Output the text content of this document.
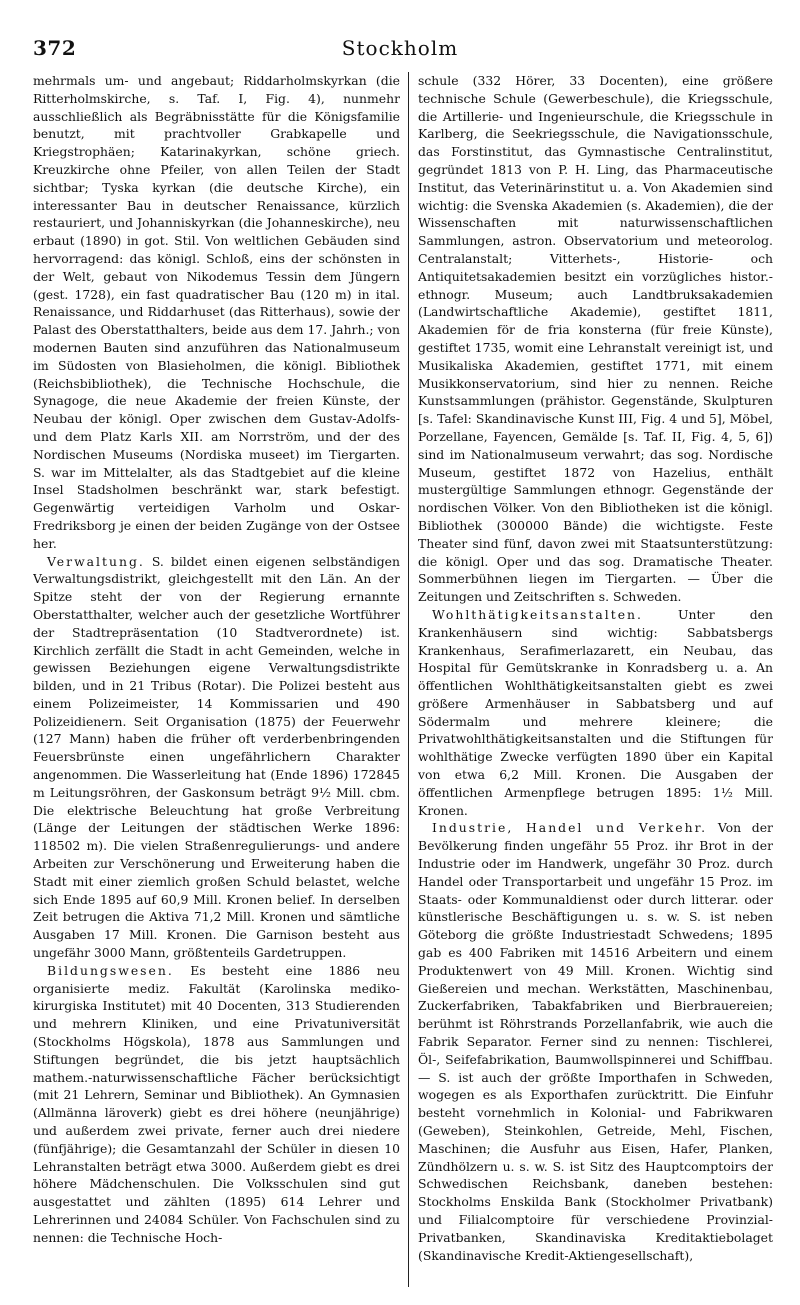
372	Stockholm

mehrmals um- und angebaut; Riddarholmskyrkan (die Ritterholmskirche, s. Taf. I, Fig. 4), nunmehr ausschließlich als Begräbnisstätte für die Königsfamilie benutzt, mit prachtvoller Grabkapelle und Kriegstrophäen; Katarinakyrkan, schöne griech. Kreuzkirche ohne Pfeiler, von allen Teilen der Stadt sichtbar; Tyska kyrkan (die deutsche Kirche), ein interessanter Bau in deutscher Renaissance, kürzlich restauriert, und Johanniskyrkan (die Johanneskirche), neu erbaut (1890) in got. Stil. Von weltlichen Gebäuden sind hervorragend: das königl. Schloß, eins der schönsten in der Welt, gebaut von Nikodemus Tessin dem Jüngern (gest. 1728), ein fast quadratischer Bau (120 m) in ital. Renaissance, und Riddarhuset (das Ritterhaus), sowie der Palast des Oberstatthalters, beide aus dem 17. Jahrh.; von modernen Bauten sind anzuführen das Nationalmuseum im Südosten von Blasieholmen, die königl. Bibliothek (Reichsbibliothek), die Technische Hochschule, die Synagoge, die neue Akademie der freien Künste, der Neubau der königl. Oper zwischen dem Gustav-Adolfs- und dem Platz Karls XII. am Norrström, und der des Nordischen Museums (Nordiska museet) im Tiergarten. S. war im Mittelalter, als das Stadtgebiet auf die kleine Insel Stadsholmen beschränkt war, stark befestigt. Gegenwärtig verteidigen Varholm und Oskar-Fredriksborg je einen der beiden Zugänge von der Ostsee her.

Verwaltung. S. bildet einen eigenen selbständigen Verwaltungsdistrikt, gleichgestellt mit den Län. An der Spitze steht der von der Regierung ernannte Oberstatthalter, welcher auch der gesetzliche Wortführer der Stadtrepräsentation (10 Stadtverordnete) ist. Kirchlich zerfällt die Stadt in acht Gemeinden, welche in gewissen Beziehungen eigene Verwaltungsdistrikte bilden, und in 21 Tribus (Rotar). Die Polizei besteht aus einem Polizeimeister, 14 Kommissarien und 490 Polizeidienern. Seit Organisation (1875) der Feuerwehr (127 Mann) haben die früher oft verderbenbringenden Feuersbrünste einen ungefährlichern Charakter angenommen. Die Wasserleitung hat (Ende 1896) 172845 m Leitungsröhren, der Gaskonsum beträgt 9½ Mill. cbm. Die elektrische Beleuchtung hat große Verbreitung (Länge der Leitungen der städtischen Werke 1896: 118502 m). Die vielen Straßenregulierungs- und andere Arbeiten zur Verschönerung und Erweiterung haben die Stadt mit einer ziemlich großen Schuld belastet, welche sich Ende 1895 auf 60,9 Mill. Kronen belief. In derselben Zeit betrugen die Aktiva 71,2 Mill. Kronen und sämtliche Ausgaben 17 Mill. Kronen. Die Garnison besteht aus ungefähr 3000 Mann, größtenteils Gardetruppen.

Bildungswesen. Es besteht eine 1886 neu organisierte mediz. Fakultät (Karolinska mediko-kirurgiska Institutet) mit 40 Docenten, 313 Studierenden und mehrern Kliniken, und eine Privatuniversität (Stockholms Högskola), 1878 aus Sammlungen und Stiftungen begründet, die bis jetzt hauptsächlich mathem.-naturwissenschaftliche Fächer berücksichtigt (mit 21 Lehrern, Seminar und Bibliothek). An Gymnasien (Allmänna läroverk) giebt es drei höhere (neunjährige) und außerdem zwei private, ferner auch drei niedere (fünfjährige); die Gesamtanzahl der Schüler in diesen 10 Lehranstalten beträgt etwa 3000. Außerdem giebt es drei höhere Mädchenschulen. Die Volksschulen sind gut ausgestattet und zählten (1895) 614 Lehrer und Lehrerinnen und 24084 Schüler. Von Fachschulen sind zu nennen: die Technische Hoch-

schule (332 Hörer, 33 Docenten), eine größere technische Schule (Gewerbeschule), die Kriegsschule, die Artillerie- und Ingenieurschule, die Kriegsschule in Karlberg, die Seekriegsschule, die Navigationsschule, das Forstinstitut, das Gymnastische Centralinstitut, gegründet 1813 von P. H. Ling, das Pharmaceutische Institut, das Veterinärinstitut u. a. Von Akademien sind wichtig: die Svenska Akademien (s. Akademien), die der Wissenschaften mit naturwissenschaftlichen Sammlungen, astron. Observatorium und meteorolog. Centralanstalt; Vitterhets-, Historie- och Antiquitetsakademien besitzt ein vorzügliches histor.-ethnogr. Museum; auch Landtbruksakademien (Landwirtschaftliche Akademie), gestiftet 1811, Akademien för de fria konsterna (für freie Künste), gestiftet 1735, womit eine Lehranstalt vereinigt ist, und Musikaliska Akademien, gestiftet 1771, mit einem Musikkonservatorium, sind hier zu nennen. Reiche Kunstsammlungen (prähistor. Gegenstände, Skulpturen [s. Tafel: Skandinavische Kunst III, Fig. 4 und 5], Möbel, Porzellane, Fayencen, Gemälde [s. Taf. II, Fig. 4, 5, 6]) sind im Nationalmuseum verwahrt; das sog. Nordische Museum, gestiftet 1872 von Hazelius, enthält mustergültige Sammlungen ethnogr. Gegenstände der nordischen Völker. Von den Bibliotheken ist die königl. Bibliothek (300000 Bände) die wichtigste. Feste Theater sind fünf, davon zwei mit Staatsunterstützung: die königl. Oper und das sog. Dramatische Theater. Sommerbühnen liegen im Tiergarten. — Über die Zeitungen und Zeitschriften s. Schweden.

Wohlthätigkeitsanstalten.	Unter den Krankenhäusern sind wichtig: Sabbatsbergs Krankenhaus, Serafimerlazarett, ein Neubau, das Hospital für Gemütskranke in Konradsberg u. a. An öffentlichen Wohlthätigkeitsanstalten giebt es zwei größere Armenhäuser in Sabbatsberg und auf Södermalm und mehrere kleinere; die Privatwohlthätigkeitsanstalten und die Stiftungen für wohlthätige Zwecke verfügten 1890 über ein Kapital von etwa 6,2 Mill. Kronen. Die Ausgaben der öffentlichen Armenpflege betrugen 1895: 1½ Mill. Kronen.

Industrie, Handel und Verkehr. Von der Bevölkerung finden ungefähr 55 Proz. ihr Brot in der Industrie oder im Handwerk, ungefähr 30 Proz. durch Handel oder Transportarbeit und ungefähr 15 Proz. im Staats- oder Kommunaldienst oder durch litterar. oder künstlerische Beschäftigungen u. s. w. S. ist neben Göteborg die größte Industriestadt Schwedens; 1895 gab es 400 Fabriken mit 14516 Arbeitern und einem Produktenwert von 49 Mill. Kronen. Wichtig sind Gießereien und mechan. Werkstätten, Maschinenbau, Zuckerfabriken, Tabakfabriken und Bierbrauereien; berühmt ist Röhrstrands Porzellanfabrik, wie auch die Fabrik Separator. Ferner sind zu nennen: Tischlerei, Öl-, Seifefabrikation, Baumwollspinnerei und Schiffbau. — S. ist auch der größte Importhafen in Schweden, wogegen es als Exporthafen zurücktritt. Die Einfuhr besteht vornehmlich in Kolonial- und Fabrikwaren (Geweben), Steinkohlen, Getreide, Mehl, Fischen, Maschinen; die Ausfuhr aus Eisen, Hafer, Planken, Zündhölzern u. s. w. S. ist Sitz des Hauptcomptoirs der Schwedischen Reichsbank, daneben bestehen: Stockholms Enskilda Bank (Stockholmer Privatbank) und Filialcomptoire für verschiedene Provinzial-Privatbanken, Skandinaviska Kreditaktiebolaget (Skandinavische Kredit-Aktiengesellschaft),
